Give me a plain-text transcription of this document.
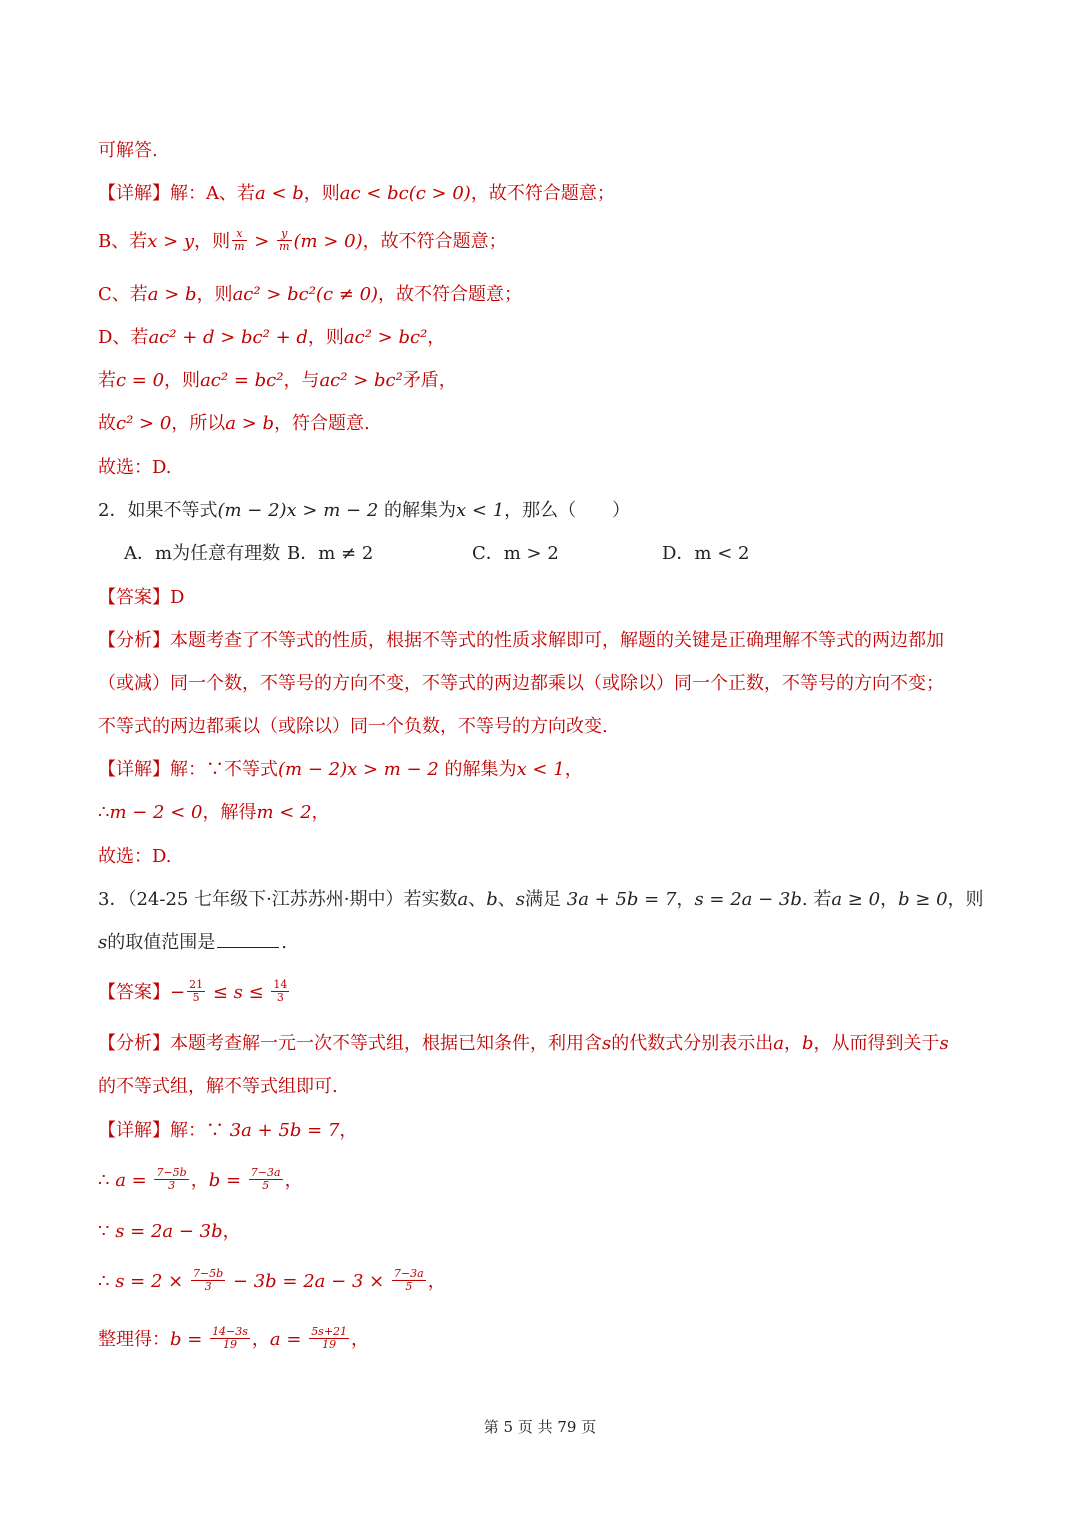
可解答.
【详解】解：A、若a < b，则ac < bc(c > 0)，故不符合题意；
B、若x > y，则 $\frac{x}{m} > \frac{y}{m} (m > 0)$，故不符合题意；
C、若a > b，则ac² > bc²(c ≠ 0)，故不符合题意；
D、若ac² + d > bc² + d，则ac² > bc²，
若c = 0，则ac² = bc²，与ac² > bc²矛盾，
故c² > 0，所以a > b，符合题意.
故选：D.
2．如果不等式(m − 2)x > m − 2 的解集为x < 1，那么（　　）
A．m为任意有理数 B．m ≠ 2	C．m > 2	D．m < 2
【答案】D
【分析】本题考查了不等式的性质，根据不等式的性质求解即可，解题的关键是正确理解不等式的两边都加
（或减）同一个数，不等号的方向不变，不等式的两边都乘以（或除以）同一个正数，不等号的方向不变；
不等式的两边都乘以（或除以）同一个负数，不等号的方向改变.
【详解】解：∵不等式(m − 2)x > m − 2 的解集为x < 1，
∴m − 2 < 0，解得m < 2，
故选：D.
3．（24-25 七年级下·江苏苏州·期中）若实数a、b、s满足 3a + 5b = 7，s = 2a − 3b. 若a ≥ 0，b ≥ 0，则
s的取值范围是	.
【答案】− $\frac{21}{5} \le s \le \frac{14}{3}$
【分析】本题考查解一元一次不等式组，根据已知条件，利用含s的代数式分别表示出a，b，从而得到关于s
的不等式组，解不等式组即可.
【详解】解：∵ 3a + 5b = 7，
∴ $a = \frac{7-5b}{3}$ ，$b = \frac{7-3a}{5}$ ，
∵ s = 2a − 3b，
∴ $s = 2 \times \frac{7-5b}{3} - 3b = 2a - 3 \times \frac{7-3a}{5}$ ，
整理得：$b = \frac{14-3s}{19}$ ，$a = \frac{5s+21}{19}$ ，
第 5 页 共 79 页
